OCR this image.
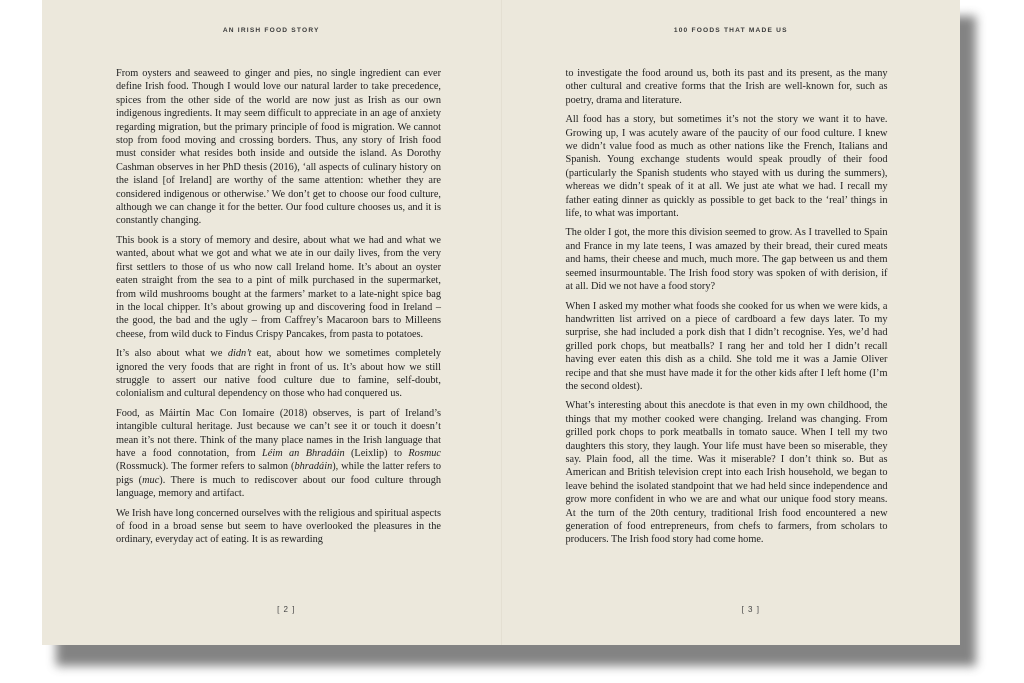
AN IRISH FOOD STORY

From oysters and seaweed to ginger and pies, no single ingredient can ever define Irish food. Though I would love our natural larder to take precedence, spices from the other side of the world are now just as Irish as our own indigenous ingredients. It may seem difficult to appreciate in an age of anxiety regarding migration, but the primary principle of food is migration. We cannot stop from food moving and crossing borders. Thus, any story of Irish food must consider what resides both inside and outside the island. As Dorothy Cashman observes in her PhD thesis (2016), ‘all aspects of culinary history on the island [of Ireland] are worthy of the same attention: whether they are considered indigenous or otherwise.’ We don’t get to choose our food culture, although we can change it for the better. Our food culture chooses us, and it is constantly changing.

This book is a story of memory and desire, about what we had and what we wanted, about what we got and what we ate in our daily lives, from the very first settlers to those of us who now call Ireland home. It’s about an oyster eaten straight from the sea to a pint of milk purchased in the supermarket, from wild mushrooms bought at the farmers’ market to a late-night spice bag in the local chipper. It’s about growing up and discovering food in Ireland – the good, the bad and the ugly – from Caffrey’s Macaroon bars to Milleens cheese, from wild duck to Findus Crispy Pancakes, from pasta to potatoes.

It’s also about what we didn’t eat, about how we sometimes completely ignored the very foods that are right in front of us. It’s about how we still struggle to assert our native food culture due to famine, self-doubt, colonialism and cultural dependency on those who had conquered us.

Food, as Máirtín Mac Con Iomaire (2018) observes, is part of Ireland’s intangible cultural heritage. Just because we can’t see it or touch it doesn’t mean it’s not there. Think of the many place names in the Irish language that have a food connotation, from Léim an Bhradáin (Leixlip) to Rosmuc (Rossmuck). The former refers to salmon (bhradáin), while the latter refers to pigs (muc). There is much to rediscover about our food culture through language, memory and artifact.

We Irish have long concerned ourselves with the religious and spiritual aspects of food in a broad sense but seem to have overlooked the pleasures in the ordinary, everyday act of eating. It is as rewarding

[ 2 ]
100 FOODS THAT MADE US

to investigate the food around us, both its past and its present, as the many other cultural and creative forms that the Irish are well-known for, such as poetry, drama and literature.

All food has a story, but sometimes it’s not the story we want it to have. Growing up, I was acutely aware of the paucity of our food culture. I knew we didn’t value food as much as other nations like the French, Italians and Spanish. Young exchange students would speak proudly of their food (particularly the Spanish students who stayed with us during the summers), whereas we didn’t speak of it at all. We just ate what we had. I recall my father eating dinner as quickly as possible to get back to the ‘real’ things in life, to what was important.

The older I got, the more this division seemed to grow. As I travelled to Spain and France in my late teens, I was amazed by their bread, their cured meats and hams, their cheese and much, much more. The gap between us and them seemed insurmountable. The Irish food story was spoken of with derision, if at all. Did we not have a food story?

When I asked my mother what foods she cooked for us when we were kids, a handwritten list arrived on a piece of cardboard a few days later. To my surprise, she had included a pork dish that I didn’t recognise. Yes, we’d had grilled pork chops, but meatballs? I rang her and told her I didn’t recall having ever eaten this dish as a child. She told me it was a Jamie Oliver recipe and that she must have made it for the other kids after I left home (I’m the second oldest).

What’s interesting about this anecdote is that even in my own childhood, the things that my mother cooked were changing. Ireland was changing. From grilled pork chops to pork meatballs in tomato sauce. When I tell my two daughters this story, they laugh. Your life must have been so miserable, they say. Plain food, all the time. Was it miserable? I don’t think so. But as American and British television crept into each Irish household, we began to leave behind the isolated standpoint that we had held since independence and grow more confident in who we are and what our unique food story means. At the turn of the 20th century, traditional Irish food encountered a new generation of food entrepreneurs, from chefs to farmers, from scholars to producers. The Irish food story had come home.

[ 3 ]
